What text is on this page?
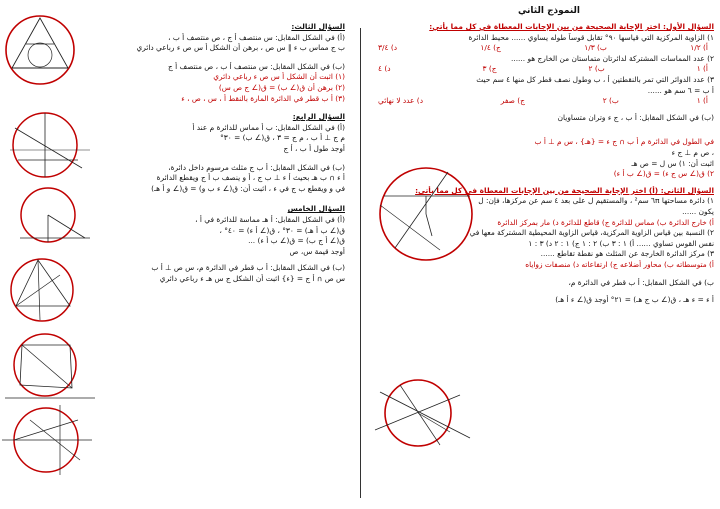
النموذج الثاني
السؤال الأول: اختر الإجابة الصحيحة من بين الإجابات المعطاة في كل مما يأتي:
١) الزاوية المركزية التي قياسها ٩٠° تقابل قوساً طوله يساوي ...... محيط الدائرة
أ) ١/٢
ب) ١/٣
ج) ١/٤
د) ٣/٤
٢) عدد المماسات المشتركة لدائرتان متماستان من الخارج هو ......
أ) ١
ب) ٢
ج) ٣
د) ٤
٣) عدد الدوائر التي تمر بالنقطتين أ ، ب وطول نصف قطر كل منها ٤ سم حيث
أ ب = ٦ سم هو ......
أ) ١
ب) ٢
ج) صفر
د) عدد لا نهائي
(ب) في الشكل المقابل: أ ب ، ج ء وتران متساويان
في الطول في الدائرة م أ ب ∩ ج ء = {هـ} ، س م ⊥ أ ب
، ص م ⊥ ج ء
اثبت أن: ١) س ل = ص هـ
٢) ق(∠ س ج ء) = ق(∠ ب أ ء)
السؤال الثاني: (أ) اختر الإجابة الصحيحة من بين الإجابات المعطاة في كل مما يأتي:
١) دائرة مساحتها ٦π سم² ، والمستقيم ل على بعد ٤ سم عن مركزها، فإن: ل
يكون ......
أ) خارج الدائرة ب) مماس للدائرة ج) قاطع للدائرة د) مار بمركز الدائرة
٢) النسبة بين قياس الزاوية المركزية، قياس الزاوية المحيطية المشتركة معها في
نفس القوس تساوي ...... أ) ١ : ٣ ب) ٢ : ١ ج) ١ : ٢ د) ٣ : ١
٣) مركز الدائرة الخارجة عن المثلث هو نقطة تقاطع ......
أ) متوسطاته ب) محاور أضلاعه ج) ارتفاعاته د) منصفات زواياه
ب) في الشكل المقابل: أ ب قطر في الدائرة م،
أ ء = ء هـ ، ق(∠ ب ج هـ) = ٢١° أوجد ق(∠ ء أ هـ)
السؤال الثالث:
(أ) في الشكل المقابل: س منتصف أ ج ، ص منتصف أ ب ،
ب ج مماس ب ء ∥ س ص ، برهن أن الشكل أ س ص ء رباعي دائري
(ب) في الشكل المقابل: س منتصف أ ب ، ص منتصف أ ج
(١) اثبت أن الشكل أ س ص ء رباعي دائري
(٢) برهن أن ق(∠ ب) = ق(∠ ج ص س)
(٣) أ ب قطر في الدائرة المارة بالنقط أ ، س ، ص ، ء
السؤال الرابع:
(أ) في الشكل المقابل: ب أ مماس للدائرة م عند أ
م ج ⊥ أ ب ، م ج = ٣ ، ق(∠ ب) = ٣٠°
أوجد طول أ ب ، أ ج
(ب) في الشكل المقابل: أ ب ج مثلث مرسوم داخل دائرة،
أ ء ∩ ب هـ بحيث أ ء ⊥ ب ج ، أ و ينصف ب أ ج ويقطع الدائرة
في و ويقطع ب ج في ء ، اثبت أن: ق(∠ ء ب و) = ق(∠ و أ هـ)
السؤال الخامس
(أ) في الشكل المقابل: أ هـ مماسة للدائرة في أ ،
ق(∠ ب أ هـ) = ٣٠° ، ق(∠ أ ء) = ٤٠° ،
ق(∠ أ ج ب) = ق(∠ ب أ ء) ...
أوجد قيمة س، ص
(ب) في الشكل المقابل: أ ب قطر في الدائرة م، س ص ⊥ أ ب
س ص ∩ أ ج = {ء} اثبت أن الشكل ج س هـ ء رباعي دائري
